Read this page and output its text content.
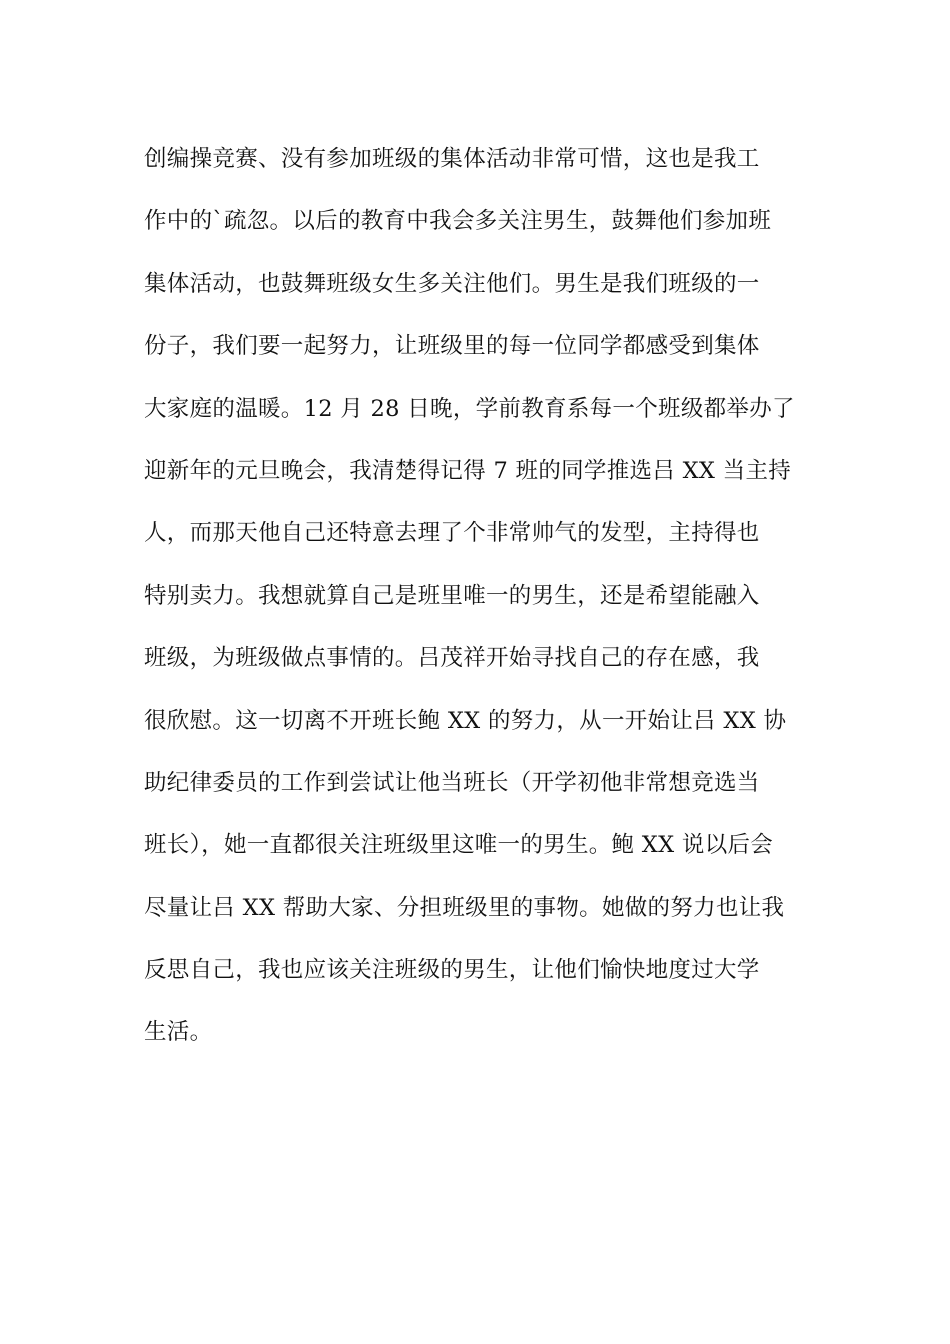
创编操竞赛、没有参加班级的集体活动非常可惜，这也是我工
作中的`疏忽。以后的教育中我会多关注男生，鼓舞他们参加班
集体活动，也鼓舞班级女生多关注他们。男生是我们班级的一
份子，我们要一起努力，让班级里的每一位同学都感受到集体
大家庭的温暖。12 月 28 日晚，学前教育系每一个班级都举办了
迎新年的元旦晚会，我清楚得记得 7 班的同学推选吕 XX 当主持
人，而那天他自己还特意去理了个非常帅气的发型，主持得也
特别卖力。我想就算自己是班里唯一的男生，还是希望能融入
班级，为班级做点事情的。吕茂祥开始寻找自己的存在感，我
很欣慰。这一切离不开班长鲍 XX 的努力，从一开始让吕 XX 协
助纪律委员的工作到尝试让他当班长（开学初他非常想竞选当
班长），她一直都很关注班级里这唯一的男生。鲍 XX 说以后会
尽量让吕 XX 帮助大家、分担班级里的事物。她做的努力也让我
反思自己，我也应该关注班级的男生，让他们愉快地度过大学
生活。
